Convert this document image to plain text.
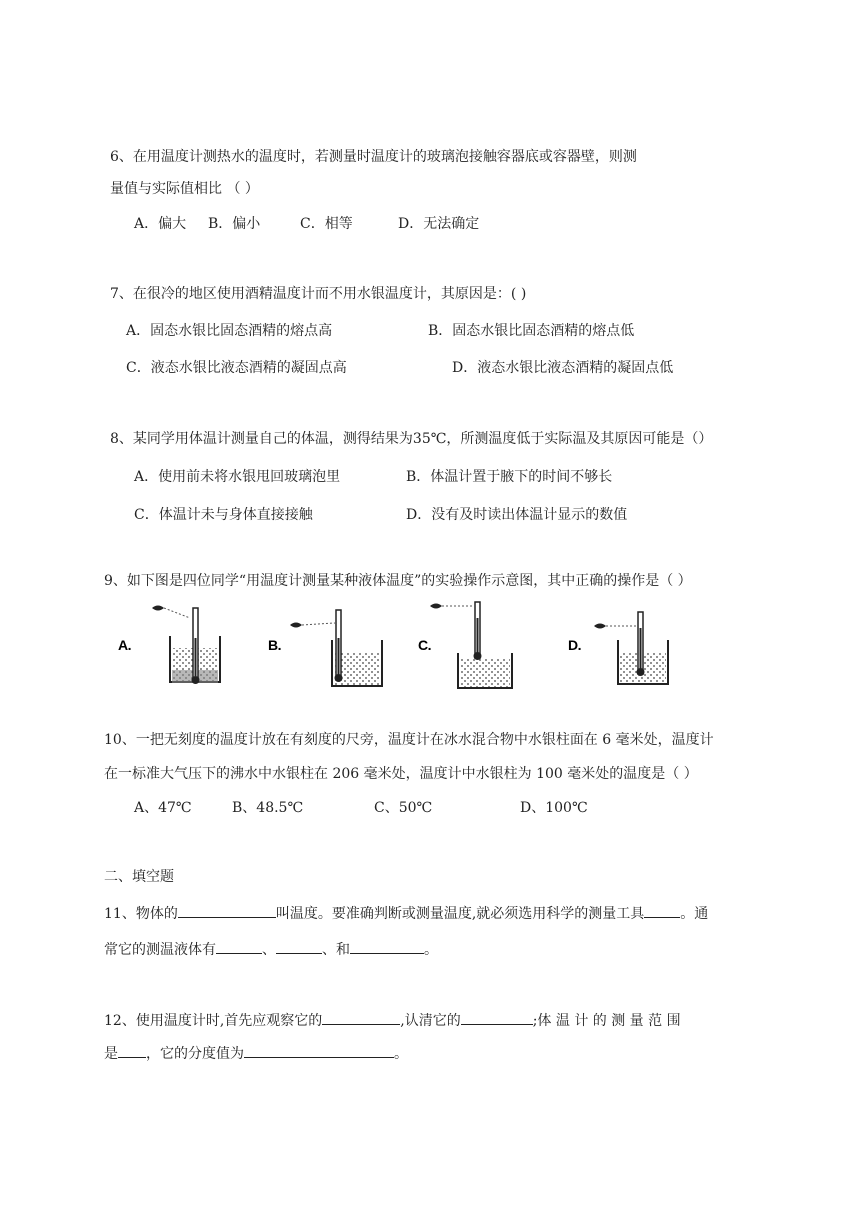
6、在用温度计测热水的温度时，若测量时温度计的玻璃泡接触容器底或容器壁，则测
量值与实际值相比 （ ）
A．偏大 B．偏小	C．相等	D．无法确定
7、在很冷的地区使用酒精温度计而不用水银温度计，其原因是：( )
A．固态水银比固态酒精的熔点高	B．固态水银比固态酒精的熔点低
C．液态水银比液态酒精的凝固点高	D．液态水银比液态酒精的凝固点低
8、某同学用体温计测量自己的体温，测得结果为35℃，所测温度低于实际温及其原因可能是（）
A．使用前未将水银甩回玻璃泡里	B．体温计置于腋下的时间不够长
C．体温计未与身体直接接触	D．没有及时读出体温计显示的数值
9、如下图是四位同学“用温度计测量某种液体温度”的实验操作示意图，其中正确的操作是（ ）
A.	B.	C.	D.
10、一把无刻度的温度计放在有刻度的尺旁，温度计在冰水混合物中水银柱面在 6 毫米处，温度计
在一标准大气压下的沸水中水银柱在 206 毫米处，温度计中水银柱为 100 毫米处的温度是（ ）
A、47℃	B、48.5℃	C、50℃	D、100℃
二、填空题
11、物体的	叫温度。要准确判断或测量温度,就必须选用科学的测量工具	。通
常它的测温液体有	、	、和	。
12、使用温度计时,首先应观察它的	,认清它的	;体 温 计 的 测 量 范 围
是 ，它的分度值为	。
